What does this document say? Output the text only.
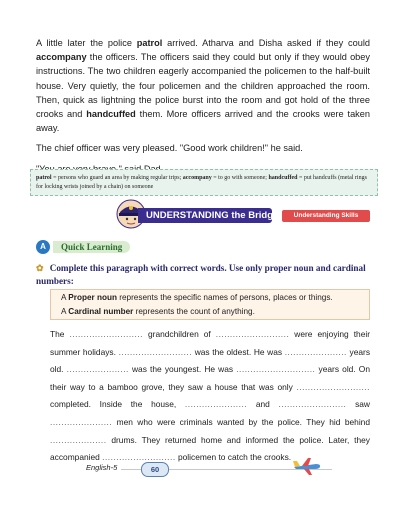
A little later the police patrol arrived. Atharva and Disha asked if they could accompany the officers. The officers said they could but only if they would obey instructions. The two children eagerly accompanied the policemen to the half-built house. Very quietly, the four policemen and the children approached the room. Then, quick as lightning the police burst into the room and got hold of the three crooks and handcuffed them. More officers arrived and the crooks were taken away.

The chief officer was very pleased. "Good work children!" he said.

patrol = persons who guard an area by making regular trips; accompany = to go with someone; handcuffed = put handcuffs (metal rings for locking wrists joined by a chain) on someone
UNDERSTANDING the Bridge	Understanding Skills
A	Quick Learning
✿ Complete this paragraph with correct words. Use only proper noun and cardinal numbers:
A Proper noun represents the specific names of persons, places or things.
A Cardinal number represents the count of anything.

The .......................... grandchildren of .......................... were enjoying their summer holidays. .......................... was the oldest. He was ...................... years old. ...................... was the youngest. He was ............................ years old. On their way to a bamboo grove, they saw a house that was only .......................... completed. Inside the house, ...................... and ........................ saw ...................... men who were criminals wanted by the police. They hid behind .................... drums. They returned home and informed the police. Later, they accompanied .......................... policemen to catch the crooks.

English-5	60
